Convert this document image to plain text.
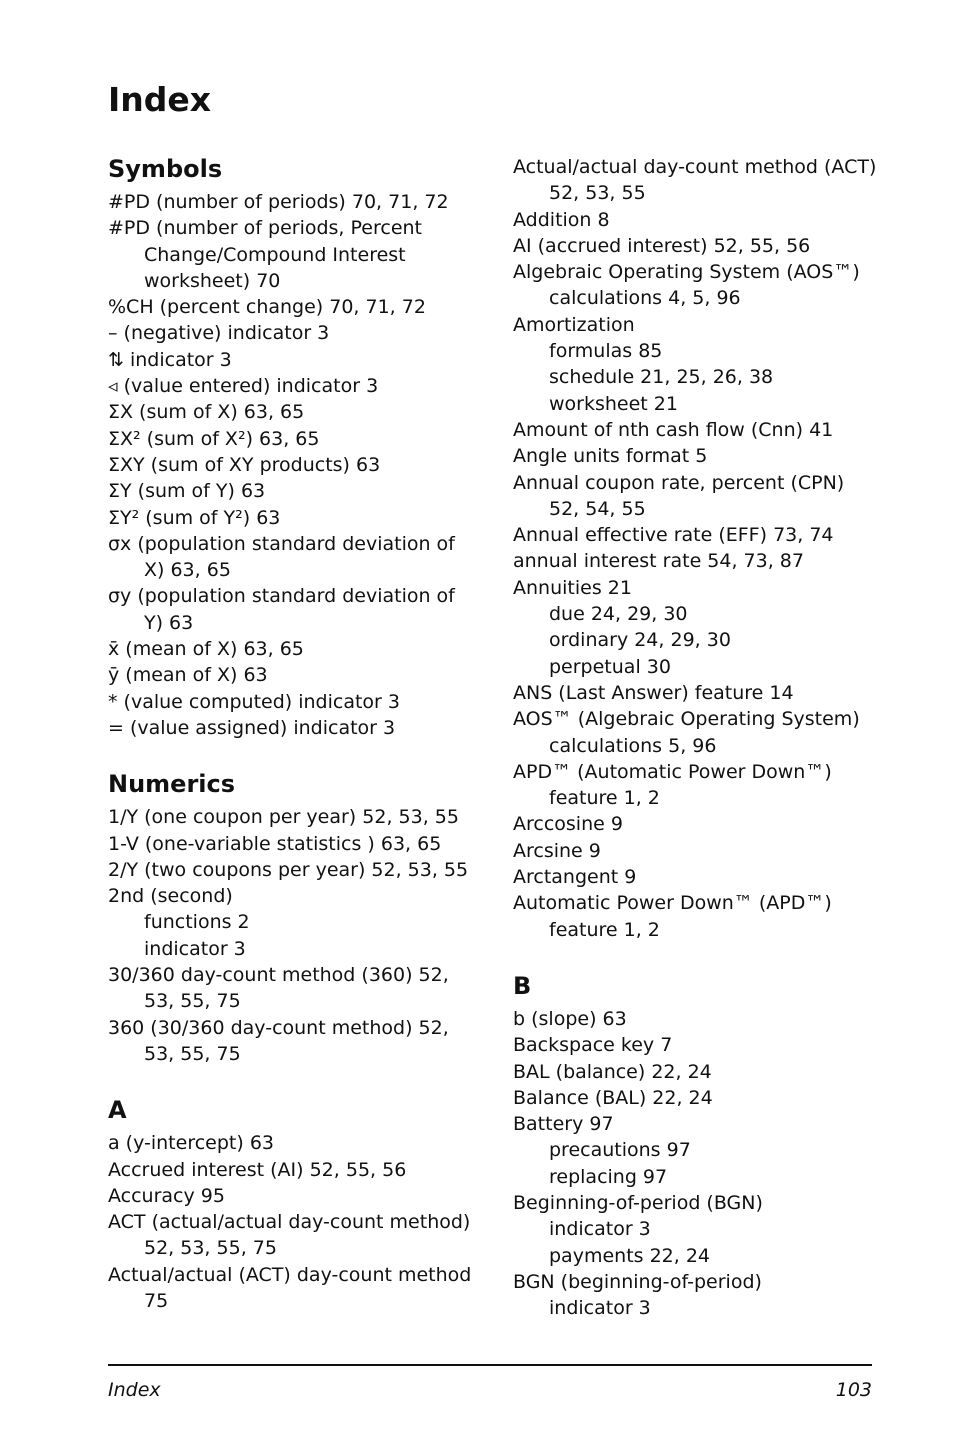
Index
Symbols
#PD (number of periods) 70, 71, 72
#PD (number of periods, Percent Change/Compound Interest worksheet) 70
%CH (percent change) 70, 71, 72
– (negative) indicator 3
⇅ indicator 3
◃ (value entered) indicator 3
ΣX (sum of X) 63, 65
ΣX² (sum of X²) 63, 65
ΣXY (sum of XY products) 63
ΣY (sum of Y) 63
ΣY² (sum of Y²) 63
σx (population standard deviation of X) 63, 65
σy (population standard deviation of Y) 63
x̄ (mean of X) 63, 65
ȳ (mean of X) 63
* (value computed) indicator 3
= (value assigned) indicator 3
Numerics
1/Y (one coupon per year) 52, 53, 55
1-V (one-variable statistics ) 63, 65
2/Y (two coupons per year) 52, 53, 55
2nd (second)
functions 2
indicator 3
30/360 day-count method (360) 52, 53, 55, 75
360 (30/360 day-count method) 52, 53, 55, 75
A
a (y-intercept) 63
Accrued interest (AI) 52, 55, 56
Accuracy 95
ACT (actual/actual day-count method) 52, 53, 55, 75
Actual/actual (ACT) day-count method 75
Actual/actual day-count method (ACT) 52, 53, 55
Addition 8
AI (accrued interest) 52, 55, 56
Algebraic Operating System (AOS™) calculations 4, 5, 96
Amortization
formulas 85
schedule 21, 25, 26, 38
worksheet 21
Amount of nth cash flow (Cnn) 41
Angle units format 5
Annual coupon rate, percent (CPN) 52, 54, 55
Annual effective rate (EFF) 73, 74
annual interest rate 54, 73, 87
Annuities 21
due 24, 29, 30
ordinary 24, 29, 30
perpetual 30
ANS (Last Answer) feature 14
AOS™ (Algebraic Operating System) calculations 5, 96
APD™ (Automatic Power Down™) feature 1, 2
Arccosine 9
Arcsine 9
Arctangent 9
Automatic Power Down™ (APD™) feature 1, 2
B
b (slope) 63
Backspace key 7
BAL (balance) 22, 24
Balance (BAL) 22, 24
Battery 97
precautions 97
replacing 97
Beginning-of-period (BGN)
indicator 3
payments 22, 24
BGN (beginning-of-period)
indicator 3
Index	103
